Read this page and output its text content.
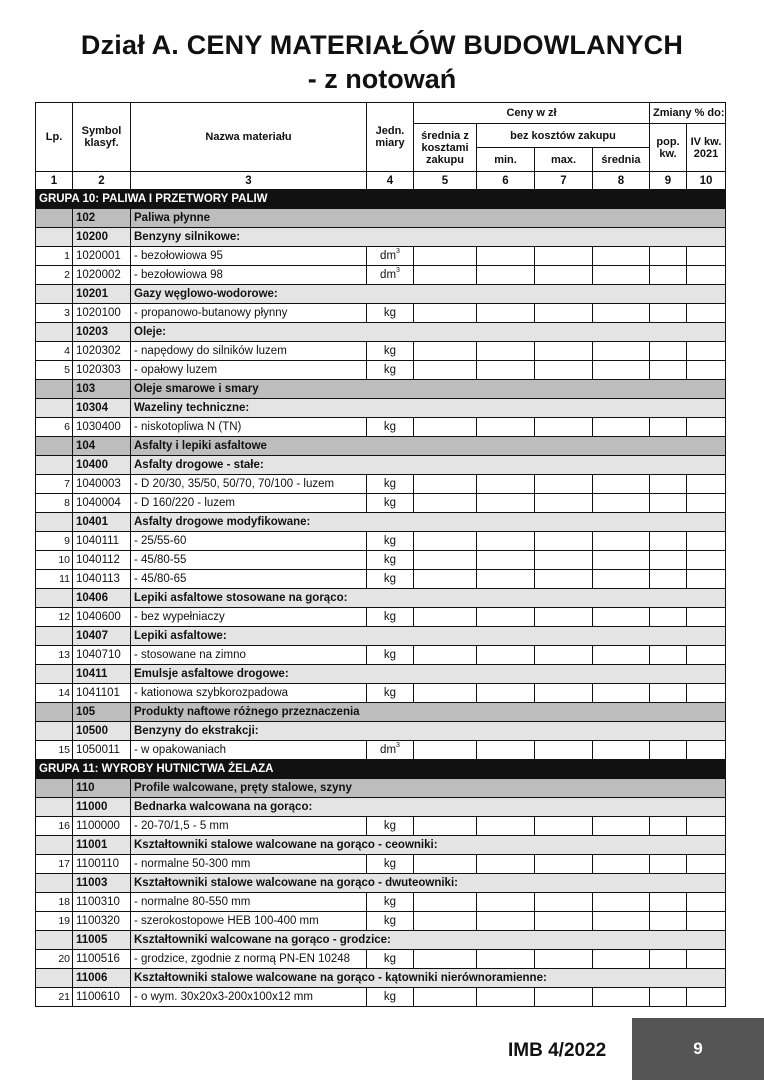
Dział A. CENY MATERIAŁÓW BUDOWLANYCH
- z notowań
Lp.	Symbol klasyf.	Nazwa materiału	Jedn. miary	Ceny w zł				Zmiany % do:	
				średnia z kosztami zakupu	bez kosztów zakupu			pop. kw.	IV kw. 2021
					min.	max.	średnia		
1	2	3	4	5	6	7	8	9	10
GRUPA 10: PALIWA I PRZETWORY PALIW									
	102	Paliwa płynne							
	10200	Benzyny silnikowe:							
1	1020001	- bezołowiowa 95	$dm^3$						
2	1020002	- bezołowiowa 98	$dm^3$						
	10201	Gazy węglowo-wodorowe:							
3	1020100	- propanowo-butanowy płynny	kg						
	10203	Oleje:							
4	1020302	- napędowy do silników luzem	kg						
5	1020303	- opałowy luzem	kg						
	103	Oleje smarowe i smary							
	10304	Wazeliny techniczne:							
6	1030400	- niskotopliwa N (TN)	kg						
	104	Asfalty i lepiki asfaltowe							
	10400	Asfalty drogowe - stałe:							
7	1040003	- D 20/30, 35/50, 50/70, 70/100 - luzem	kg						
8	1040004	- D 160/220 - luzem	kg						
	10401	Asfalty drogowe modyfikowane:							
9	1040111	- 25/55-60	kg						
10	1040112	- 45/80-55	kg						
11	1040113	- 45/80-65	kg						
	10406	Lepiki asfaltowe stosowane na gorąco:							
12	1040600	- bez wypełniaczy	kg						
	10407	Lepiki asfaltowe:							
13	1040710	- stosowane na zimno	kg						
	10411	Emulsje asfaltowe drogowe:							
14	1041101	- kationowa szybkorozpadowa	kg						
	105	Produkty naftowe różnego przeznaczenia							
	10500	Benzyny do ekstrakcji:							
15	1050011	- w opakowaniach	$dm^3$						
GRUPA 11: WYROBY HUTNICTWA ŻELAZA									
	110	Profile walcowane, pręty stalowe, szyny							
	11000	Bednarka walcowana na gorąco:							
16	1100000	- 20-70/1,5 - 5 mm	kg						
	11001	Kształtowniki stalowe walcowane na gorąco - ceowniki:							
17	1100110	- normalne 50-300 mm	kg						
	11003	Kształtowniki stalowe walcowane na gorąco - dwuteowniki:							
18	1100310	- normalne 80-550 mm	kg						
19	1100320	- szerokostopowe HEB 100-400 mm	kg						
	11005	Kształtowniki walcowane na gorąco - grodzice:							
20	1100516	- grodzice, zgodnie z normą PN-EN 10248	kg						
	11006	Kształtowniki stalowe walcowane na gorąco - kątowniki nierównoramienne:							
21	1100610	- o wym. 30x20x3-200x100x12 mm	kg						
IMB 4/2022	9
